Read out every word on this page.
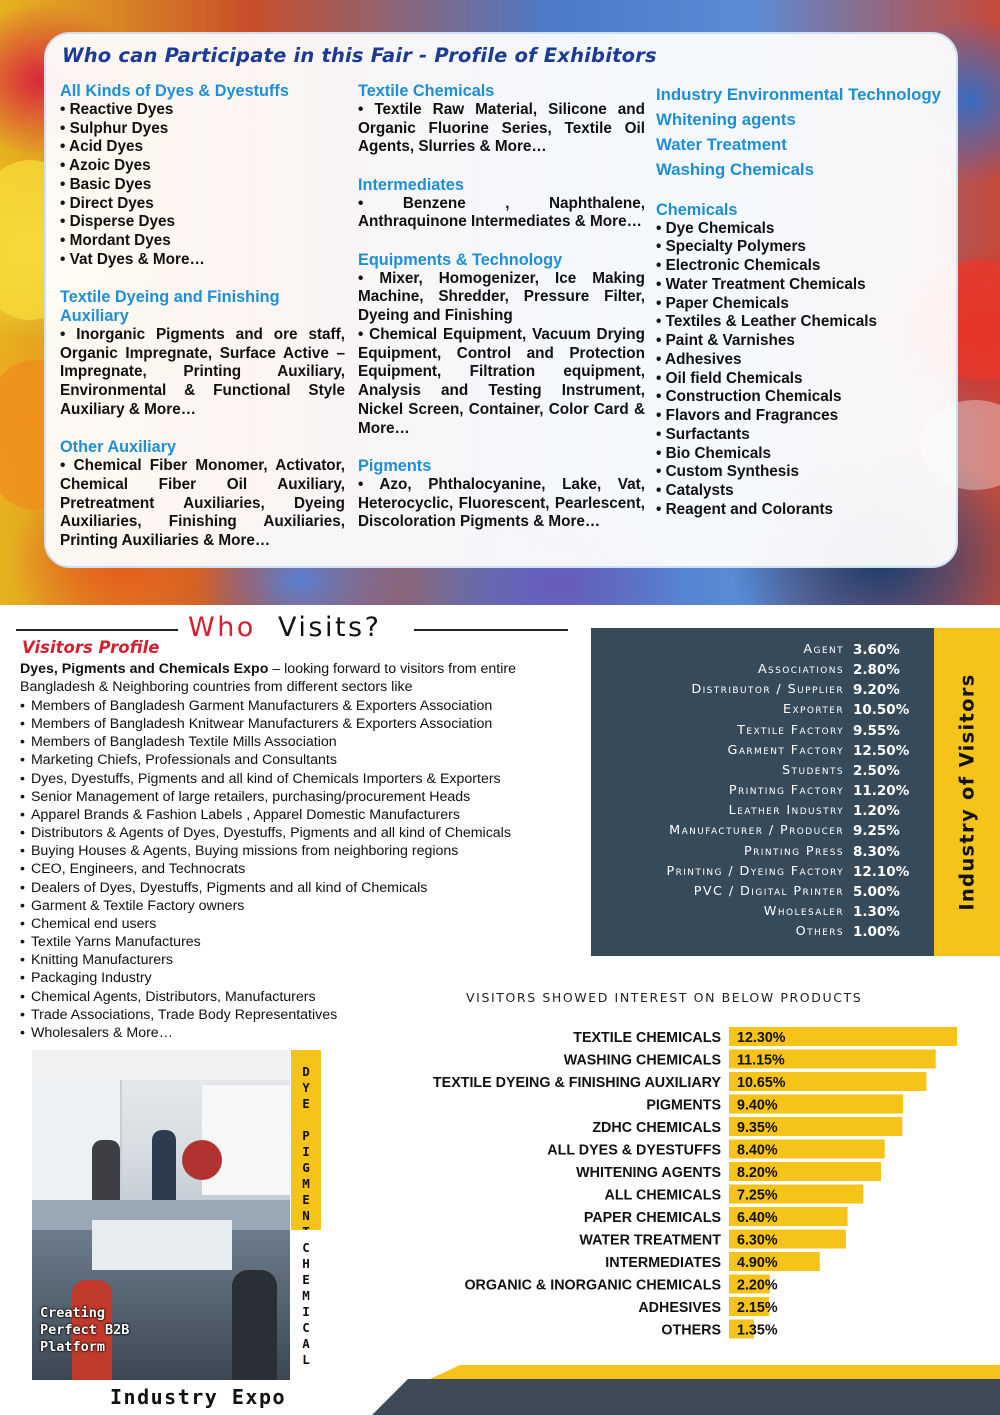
Who can Participate in this Fair - Profile of Exhibitors
All Kinds of Dyes & Dyestuffs
• Reactive Dyes
• Sulphur Dyes
• Acid Dyes
• Azoic Dyes
• Basic Dyes
• Direct Dyes
• Disperse Dyes
• Mordant Dyes
• Vat Dyes & More…
Textile Dyeing and Finishing Auxiliary
• Inorganic Pigments and ore staff, Organic Impregnate, Surface Active – Impregnate, Printing Auxiliary, Environmental & Functional Style Auxiliary & More…
Other Auxiliary
• Chemical Fiber Monomer, Activator, Chemical Fiber Oil Auxiliary, Pretreatment Auxiliaries, Dyeing Auxiliaries, Finishing Auxiliaries, Printing Auxiliaries & More…
Textile Chemicals
• Textile Raw Material, Silicone and Organic Fluorine Series, Textile Oil Agents, Slurries & More…
Intermediates
• Benzene , Naphthalene, Anthraquinone Intermediates & More…
Equipments & Technology
• Mixer, Homogenizer, Ice Making Machine, Shredder, Pressure Filter, Dyeing and Finishing
• Chemical Equipment, Vacuum Drying Equipment, Control and Protection Equipment, Filtration equipment, Analysis and Testing Instrument, Nickel Screen, Container, Color Card & More…
Pigments
• Azo, Phthalocyanine, Lake, Vat, Heterocyclic, Fluorescent, Pearlescent, Discoloration Pigments & More…
Industry Environmental Technology
Whitening agents
Water Treatment
Washing Chemicals
Chemicals
• Dye Chemicals
• Specialty Polymers
• Electronic Chemicals
• Water Treatment Chemicals
• Paper Chemicals
• Textiles & Leather Chemicals
• Paint & Varnishes
• Adhesives
• Oil field Chemicals
• Construction Chemicals
• Flavors and Fragrances
• Surfactants
• Bio Chemicals
• Custom Synthesis
• Catalysts
• Reagent and Colorants
Who Visits?
Visitors Profile
Dyes, Pigments and Chemicals Expo – looking forward to visitors from entire Bangladesh & Neighboring countries from different sectors like
• Members of Bangladesh Garment Manufacturers & Exporters Association
• Members of Bangladesh Knitwear Manufacturers & Exporters Association
• Members of Bangladesh Textile Mills Association
• Marketing Chiefs, Professionals and Consultants
• Dyes, Dyestuffs, Pigments and all kind of Chemicals Importers & Exporters
• Senior Management of large retailers, purchasing/procurement Heads
• Apparel Brands & Fashion Labels , Apparel Domestic Manufacturers
• Distributors & Agents of Dyes, Dyestuffs, Pigments and all kind of Chemicals
• Buying Houses & Agents, Buying missions from neighboring regions
• CEO, Engineers, and Technocrats
• Dealers of Dyes, Dyestuffs, Pigments and all kind of Chemicals
• Garment & Textile Factory owners
• Chemical end users
• Textile Yarns Manufactures
• Knitting Manufacturers
• Packaging Industry
• Chemical Agents, Distributors, Manufacturers
• Trade Associations, Trade Body Representatives
• Wholesalers & More…
Agent 3.60%
Associations 2.80%
Distributor / Supplier 9.20%
Exporter 10.50%
Textile Factory 9.55%
Garment Factory 12.50%
Students 2.50%
Printing Factory 11.20%
Leather Industry 1.20%
Manufacturer / Producer 9.25%
Printing Press 8.30%
Printing / Dyeing Factory 12.10%
PVC / Digital Printer 5.00%
Wholesaler 1.30%
Others 1.00%
Industry of Visitors
VISITORS SHOWED INTEREST ON BELOW PRODUCTS
TEXTILE CHEMICALS 12.30%
WASHING CHEMICALS 11.15%
TEXTILE DYEING & FINISHING AUXILIARY 10.65%
PIGMENTS 9.40%
ZDHC CHEMICALS 9.35%
ALL DYES & DYESTUFFS 8.40%
WHITENING AGENTS 8.20%
ALL CHEMICALS 7.25%
PAPER CHEMICALS 6.40%
WATER TREATMENT 6.30%
INTERMEDIATES 4.90%
ORGANIC & INORGANIC CHEMICALS 2.20%
ADHESIVES 2.15%
OTHERS 1.35%
D
Y
E
P
I
G
M
E
N
C
H
E
M
I
C
A
L
Creating Perfect B2B Platform
Industry Expo
